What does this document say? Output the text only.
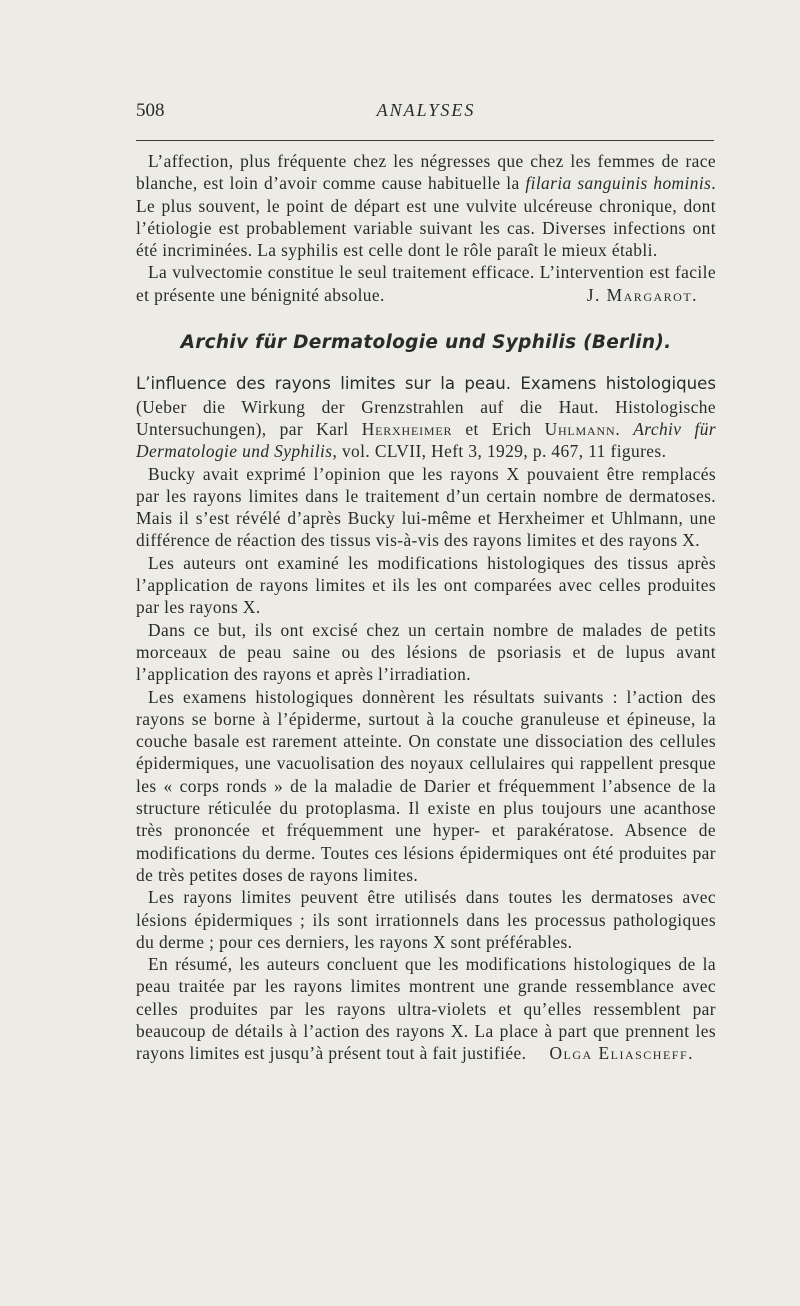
508	ANALYSES

L’affection, plus fréquente chez les négresses que chez les femmes de race blanche, est loin d’avoir comme cause habituelle la filaria sanguinis hominis. Le plus souvent, le point de départ est une vulvite ulcéreuse chronique, dont l’étiologie est probablement variable suivant les cas. Diverses infections ont été incriminées. La syphilis est celle dont le rôle paraît le mieux établi.

La vulvectomie constitue le seul traitement efficace. L’intervention est facile et présente une bénignité absolue.	J. Margarot.

Archiv für Dermatologie und Syphilis (Berlin).

L’influence des rayons limites sur la peau. Examens histologiques (Ueber die Wirkung der Grenzstrahlen auf die Haut. Histologische Untersuchungen), par Karl Herxheimer et Erich Uhlmann. Archiv für Dermatologie und Syphilis, vol. CLVII, Heft 3, 1929, p. 467, 11 figures.

Bucky avait exprimé l’opinion que les rayons X pouvaient être remplacés par les rayons limites dans le traitement d’un certain nombre de dermatoses. Mais il s’est révélé d’après Bucky lui-même et Herxheimer et Uhlmann, une différence de réaction des tissus vis-à-vis des rayons limites et des rayons X.

Les auteurs ont examiné les modifications histologiques des tissus après l’application de rayons limites et ils les ont comparées avec celles produites par les rayons X.

Dans ce but, ils ont excisé chez un certain nombre de malades de petits morceaux de peau saine ou des lésions de psoriasis et de lupus avant l’application des rayons et après l’irradiation.

Les examens histologiques donnèrent les résultats suivants : l’action des rayons se borne à l’épiderme, surtout à la couche granuleuse et épineuse, la couche basale est rarement atteinte. On constate une dissociation des cellules épidermiques, une vacuolisation des noyaux cellulaires qui rappellent presque les « corps ronds » de la maladie de Darier et fréquemment l’absence de la structure réticulée du protoplasma. Il existe en plus toujours une acanthose très prononcée et fréquemment une hyper- et parakératose. Absence de modifications du derme. Toutes ces lésions épidermiques ont été produites par de très petites doses de rayons limites.

Les rayons limites peuvent être utilisés dans toutes les dermatoses avec lésions épidermiques ; ils sont irrationnels dans les processus pathologiques du derme ; pour ces derniers, les rayons X sont préférables.

En résumé, les auteurs concluent que les modifications histologiques de la peau traitée par les rayons limites montrent une grande ressemblance avec celles produites par les rayons ultra-violets et qu’elles ressemblent par beaucoup de détails à l’action des rayons X. La place à part que prennent les rayons limites est jusqu’à présent tout à fait justifiée.	Olga Eliascheff.
